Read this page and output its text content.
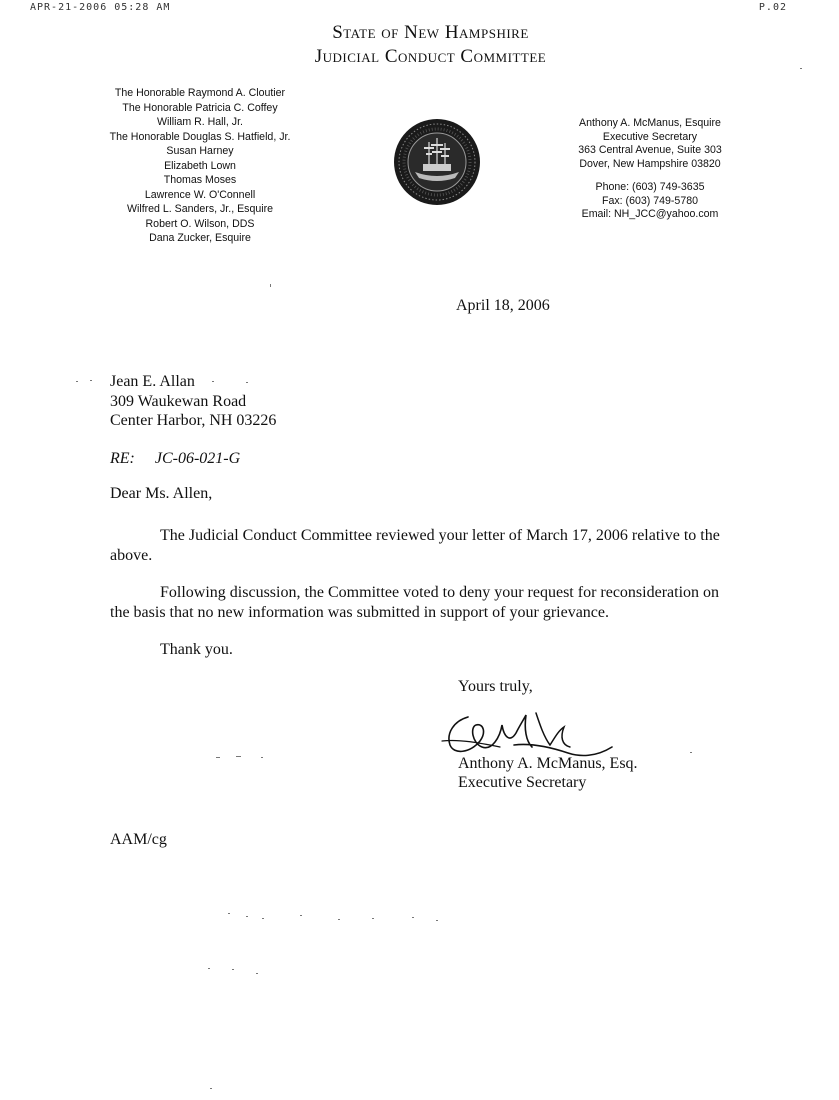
APR-21-2006 05:28 AM	P.02
State of New Hampshire
Judicial Conduct Committee
The Honorable Raymond A. Cloutier
The Honorable Patricia C. Coffey
William R. Hall, Jr.
The Honorable Douglas S. Hatfield, Jr.
Susan Harney
Elizabeth Lown
Thomas Moses
Lawrence W. O'Connell
Wilfred L. Sanders, Jr., Esquire
Robert O. Wilson, DDS
Dana Zucker, Esquire
Anthony A. McManus, Esquire
Executive Secretary
363 Central Avenue, Suite 303
Dover, New Hampshire 03820
Phone: (603) 749-3635
Fax: (603) 749-5780
Email: NH_JCC@yahoo.com
April 18, 2006
Jean E. Allan
309 Waukewan Road
Center Harbor, NH 03226
RE: JC-06-021-G
Dear Ms. Allen,
The Judicial Conduct Committee reviewed your letter of March 17, 2006 relative to the above.
Following discussion, the Committee voted to deny your request for reconsideration on the basis that no new information was submitted in support of your grievance.
Thank you.
Yours truly,
Anthony A. McManus, Esq.
Executive Secretary
AAM/cg
